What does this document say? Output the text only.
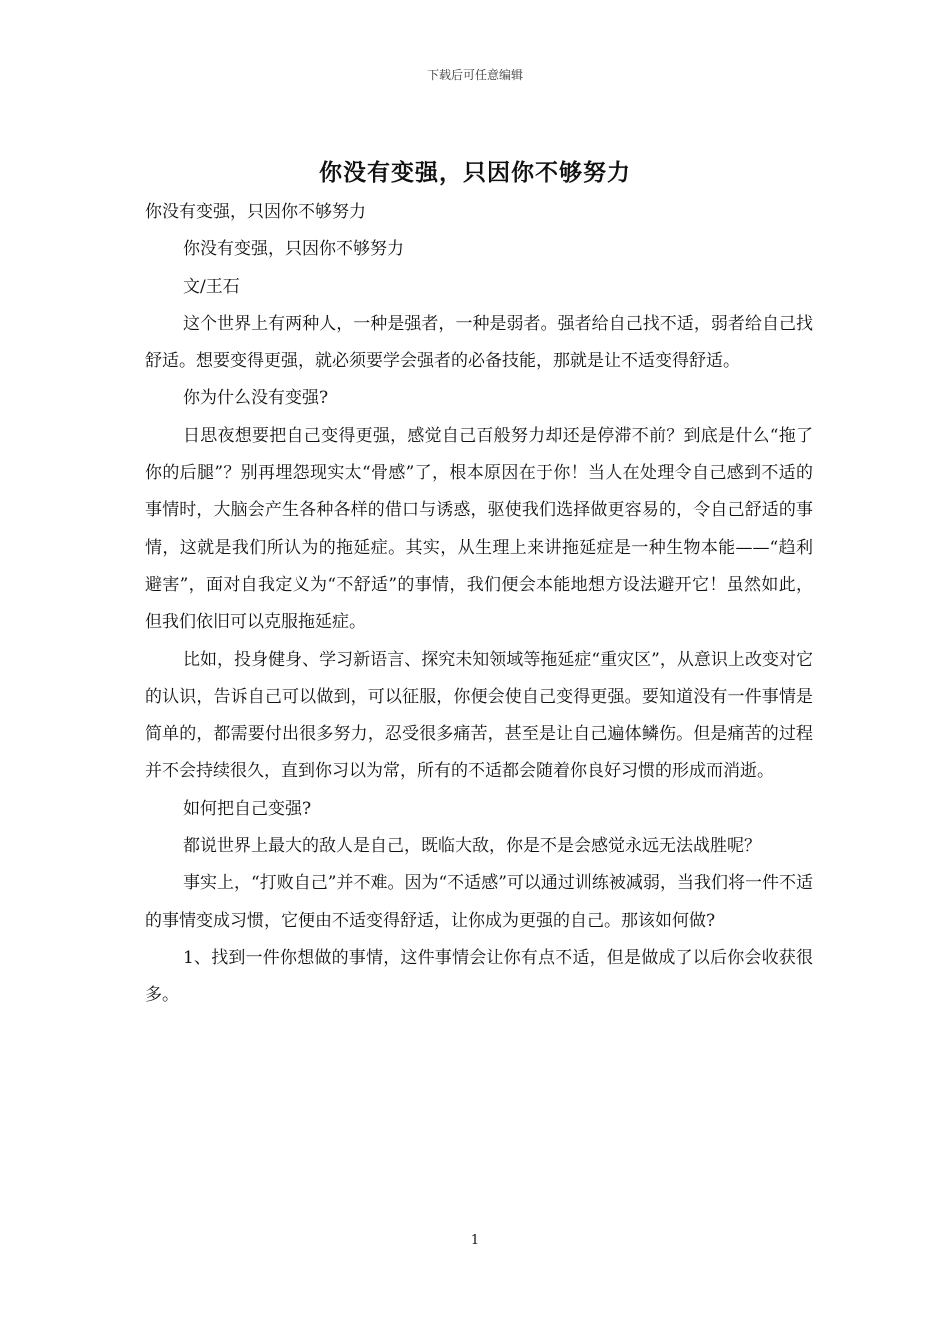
下载后可任意编辑
你没有变强，只因你不够努力

你没有变强，只因你不够努力

你没有变强，只因你不够努力

文/王石

这个世界上有两种人，一种是强者，一种是弱者。强者给自己找不适，弱者给自己找舒适。想要变得更强，就必须要学会强者的必备技能，那就是让不适变得舒适。

你为什么没有变强?

日思夜想要把自己变得更强，感觉自己百般努力却还是停滞不前？到底是什么“拖了你的后腿”？别再埋怨现实太“骨感”了，根本原因在于你！当人在处理令自己感到不适的事情时，大脑会产生各种各样的借口与诱惑，驱使我们选择做更容易的，令自己舒适的事情，这就是我们所认为的拖延症。其实，从生理上来讲拖延症是一种生物本能——“趋利避害”，面对自我定义为“不舒适”的事情，我们便会本能地想方设法避开它！虽然如此，但我们依旧可以克服拖延症。

比如，投身健身、学习新语言、探究未知领域等拖延症“重灾区”，从意识上改变对它的认识，告诉自己可以做到，可以征服，你便会使自己变得更强。要知道没有一件事情是简单的，都需要付出很多努力，忍受很多痛苦，甚至是让自己遍体鳞伤。但是痛苦的过程并不会持续很久，直到你习以为常，所有的不适都会随着你良好习惯的形成而消逝。

如何把自己变强?

都说世界上最大的敌人是自己，既临大敌，你是不是会感觉永远无法战胜呢？

事实上，“打败自己”并不难。因为“不适感”可以通过训练被减弱，当我们将一件不适的事情变成习惯，它便由不适变得舒适，让你成为更强的自己。那该如何做?

1、找到一件你想做的事情，这件事情会让你有点不适，但是做成了以后你会收获很多。

1
